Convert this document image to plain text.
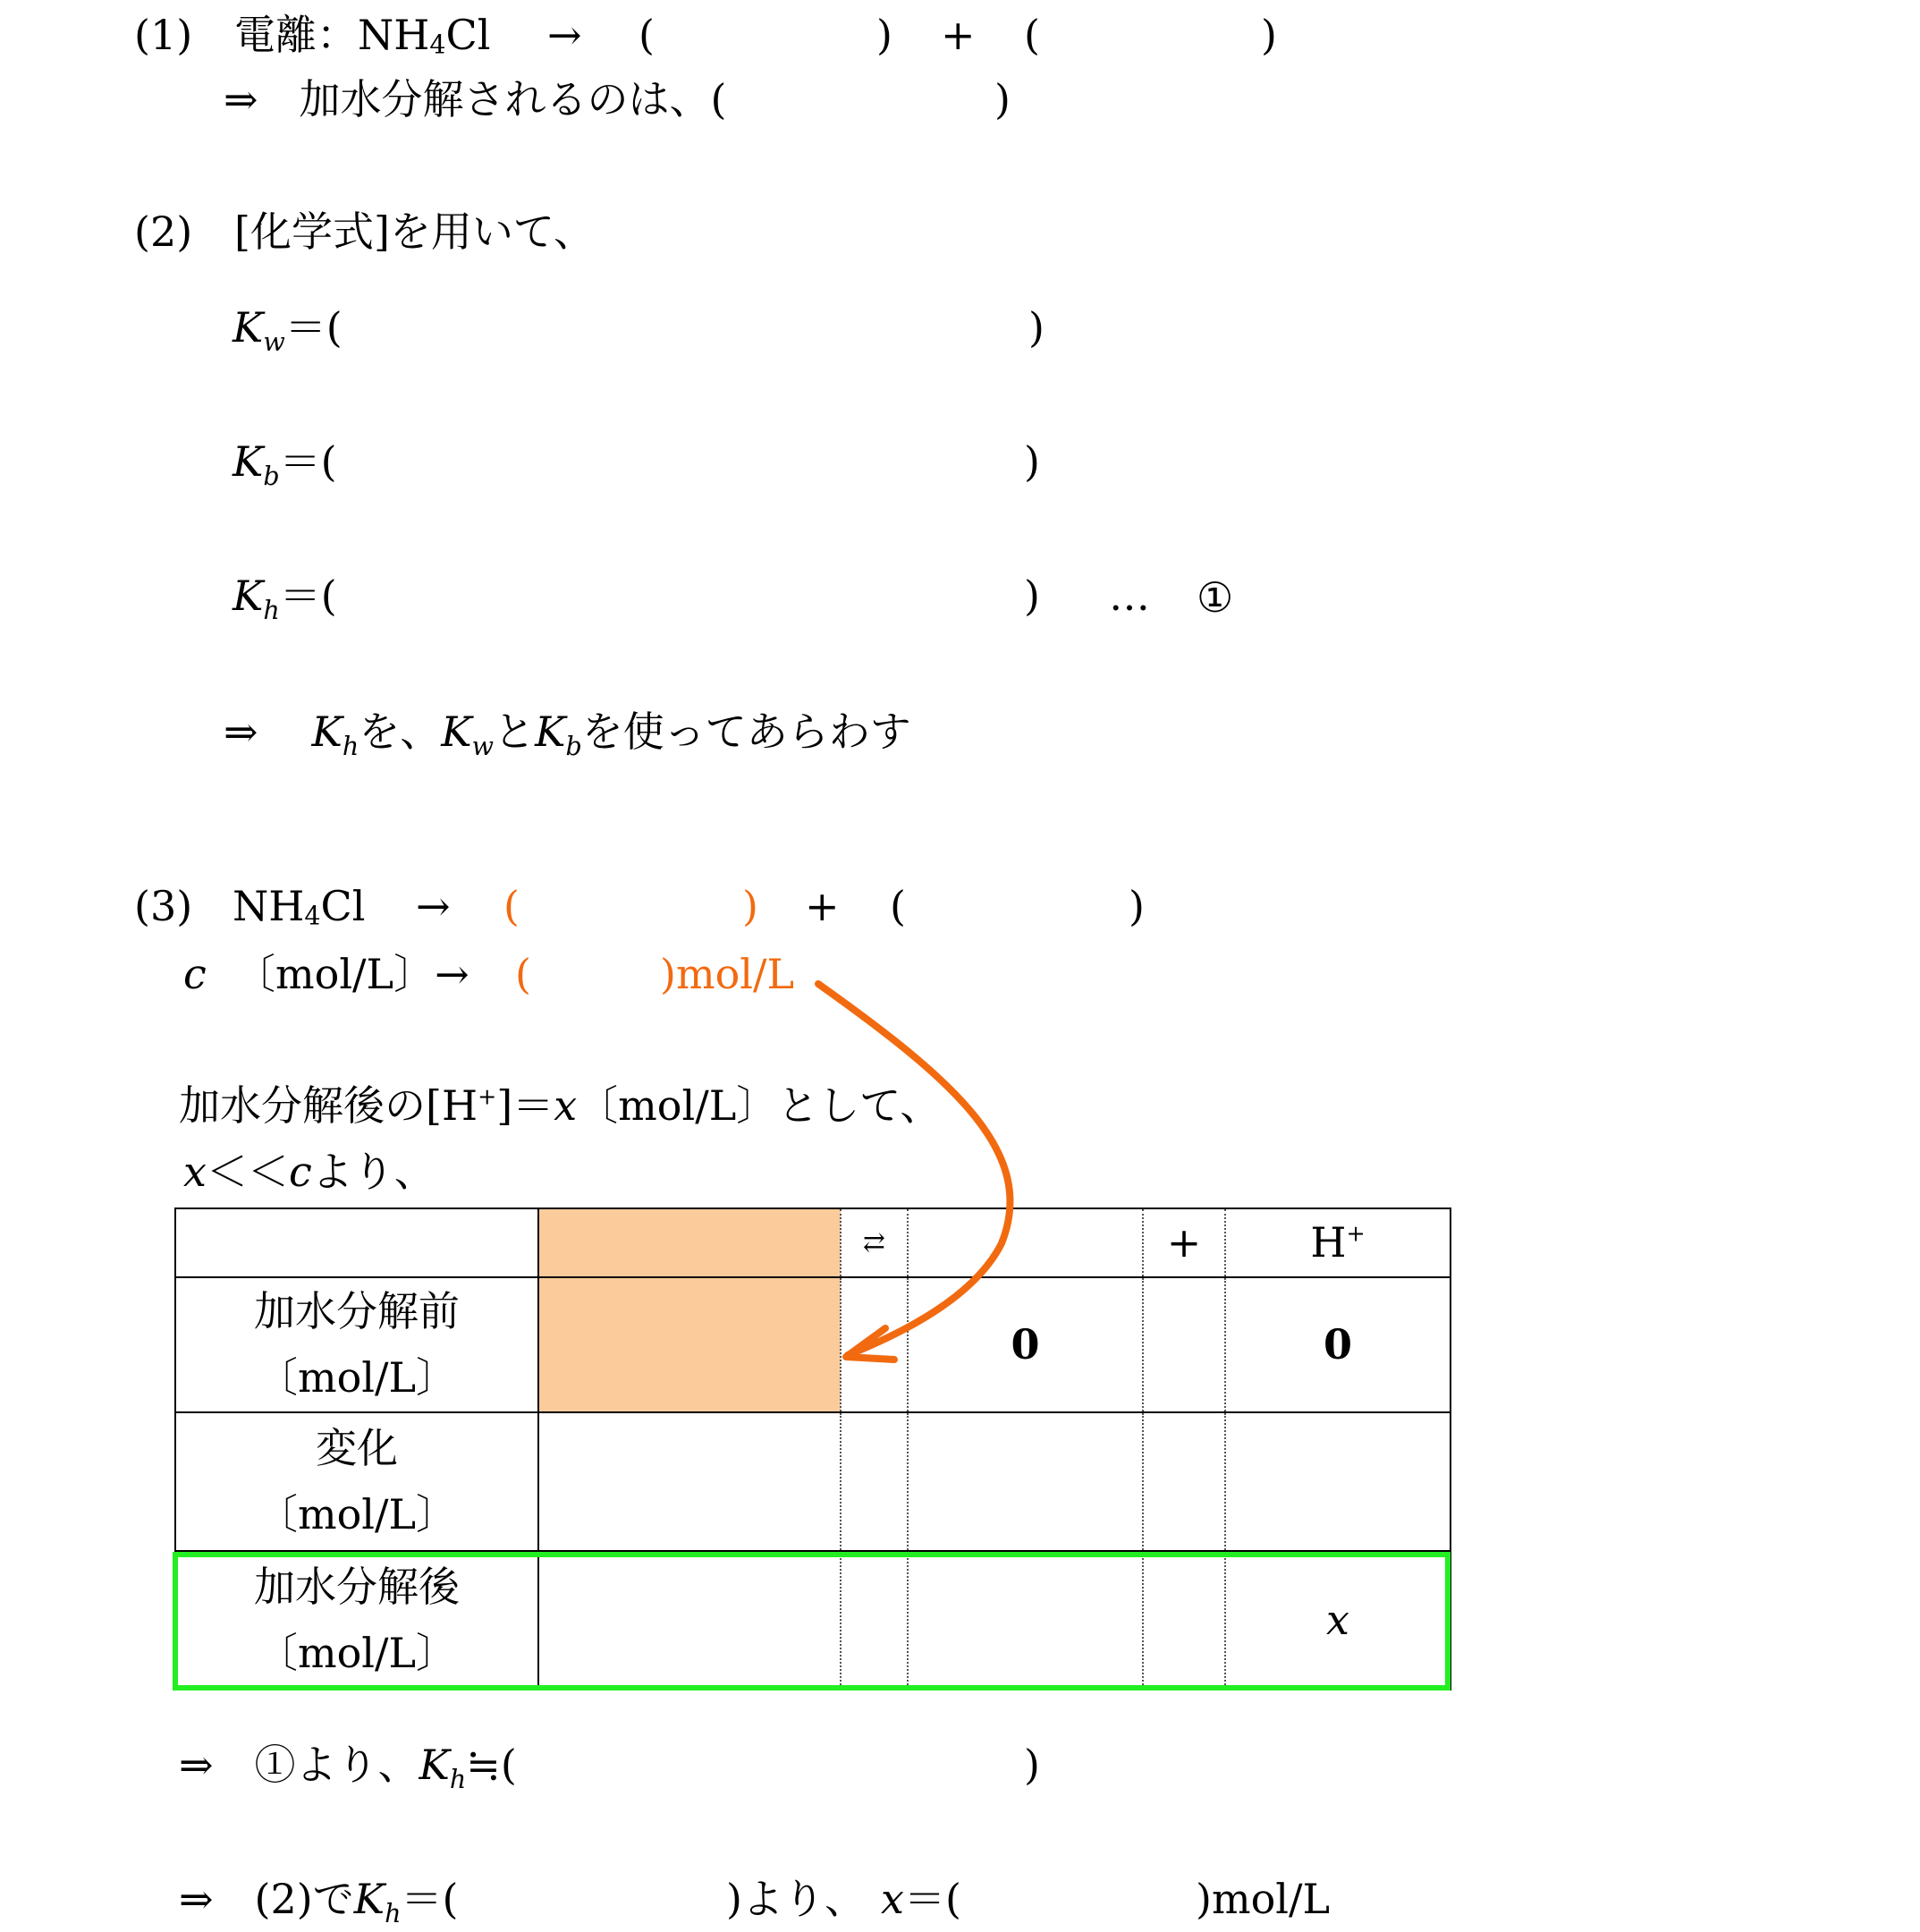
(1) 電離：$NH_4Cl$ → (	) + (	)
⇒　加水分解されるのは、(	)
(2) [化学式]を用いて、
$K_w=$(	)
$K_b=$(	)
$K_h=$(	) … ①
⇒ $K_h$を、$K_w$と$K_b$を使ってあらわす
(3) $NH_4Cl$ → (	) + (	)
c 〔mol/L〕→ (	)mol/L
加水分解後の[H+]＝x〔mol/L〕として、
x＜＜cより、
		⇄		+	H+

加水分解前
〔mol/L〕			0		0

変化
〔mol/L〕					

加水分解後
〔mol/L〕					x
⇒　①より、$K_h≒$(	)
⇒　(2)で$K_h=$(	)より、 x＝(	)mol/L
